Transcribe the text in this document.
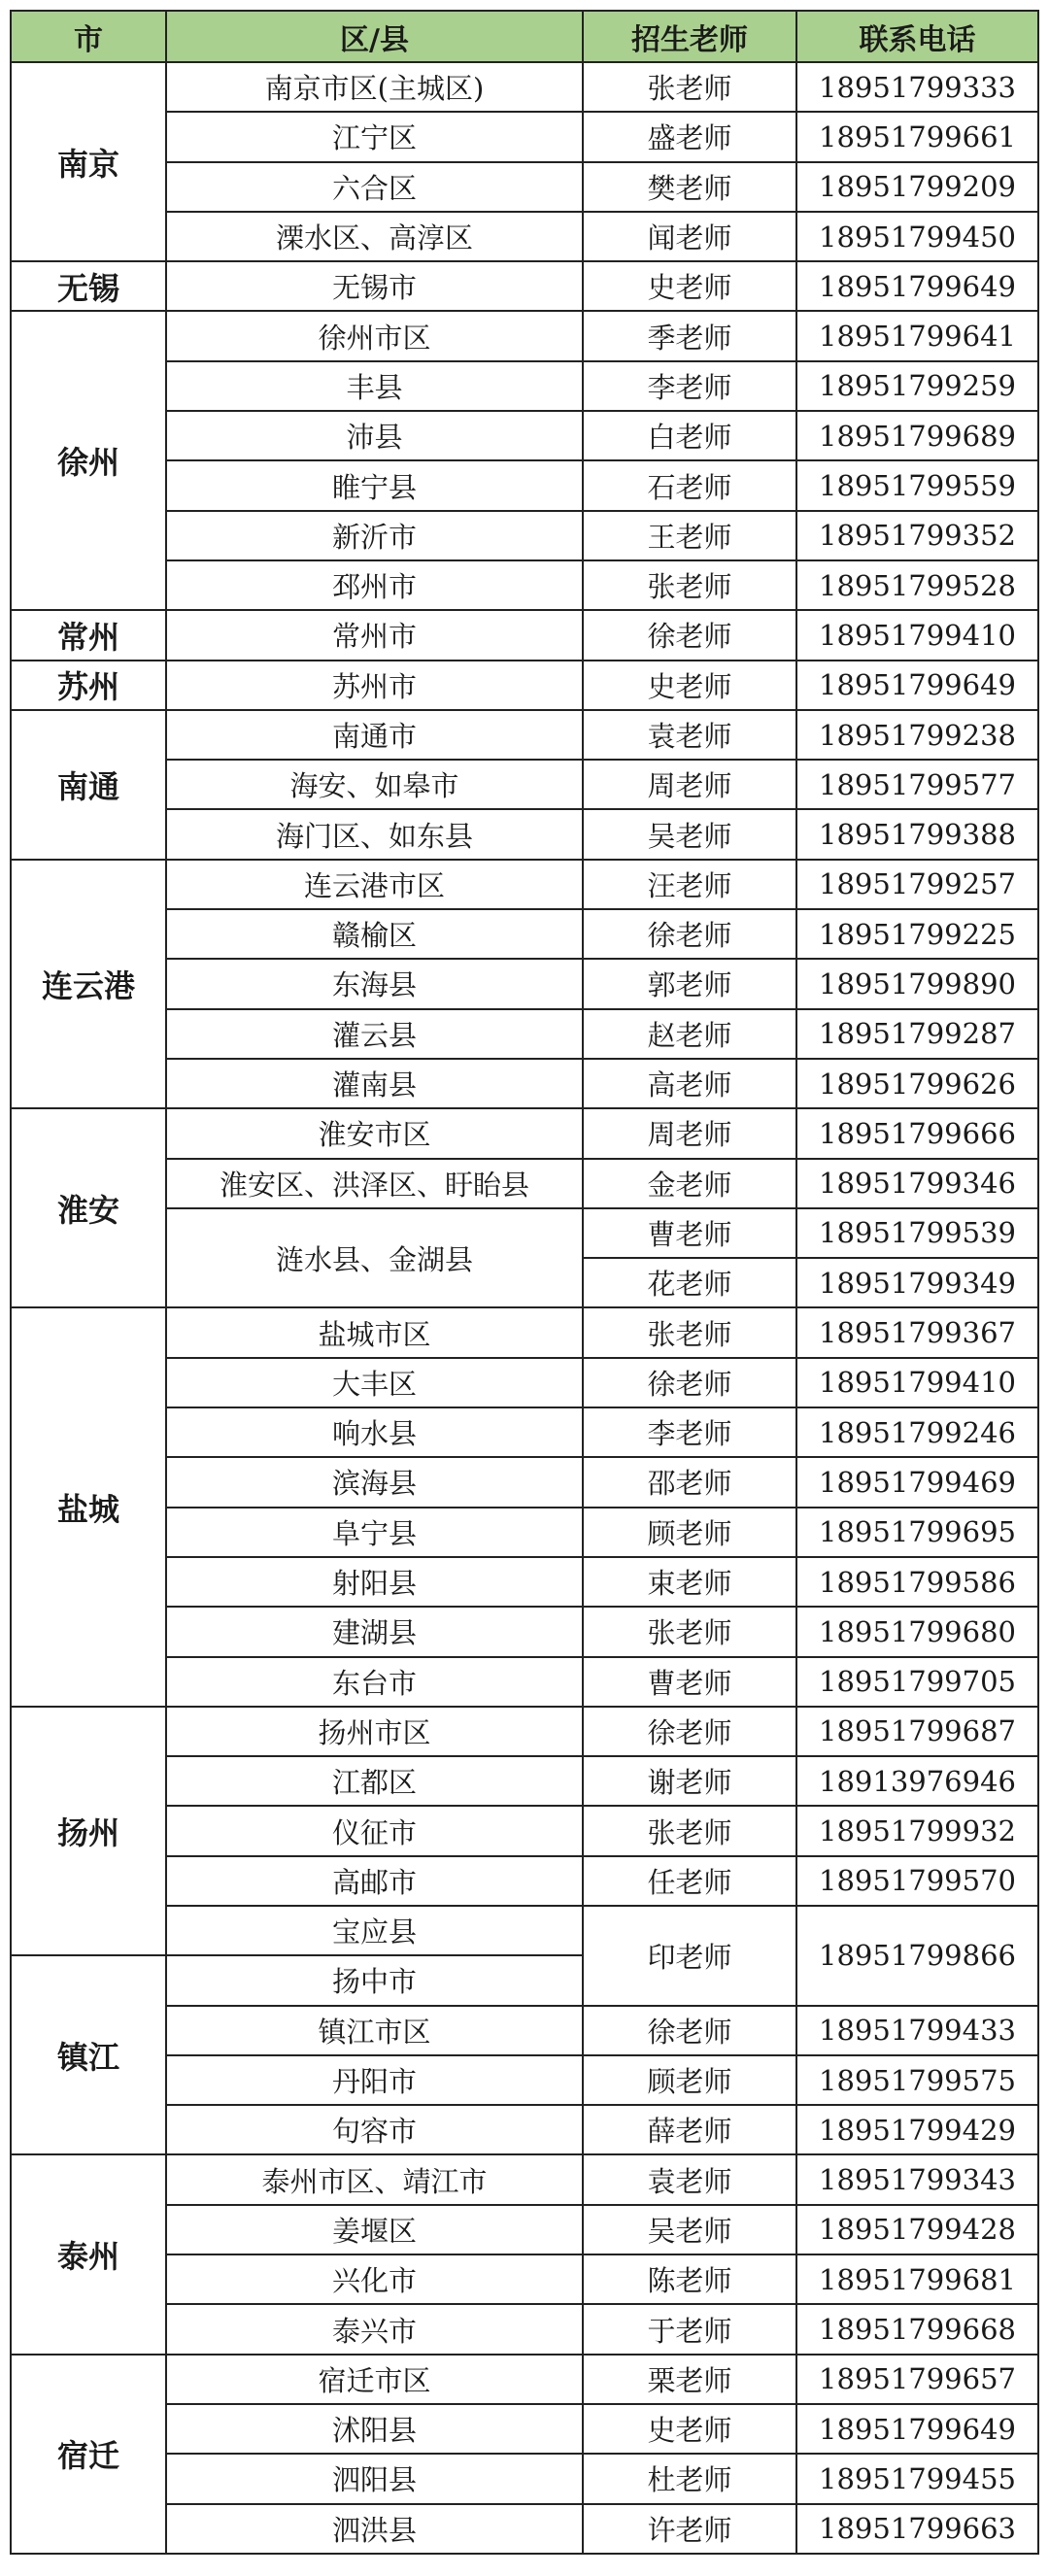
市	区/县	招生老师	联系电话
南京	南京市区(主城区)	张老师	18951799333
	江宁区	盛老师	18951799661
	六合区	樊老师	18951799209
	溧水区、高淳区	闻老师	18951799450
无锡	无锡市	史老师	18951799649
徐州	徐州市区	季老师	18951799641
	丰县	李老师	18951799259
	沛县	白老师	18951799689
	睢宁县	石老师	18951799559
	新沂市	王老师	18951799352
	邳州市	张老师	18951799528
常州	常州市	徐老师	18951799410
苏州	苏州市	史老师	18951799649
南通	南通市	袁老师	18951799238
	海安、如皋市	周老师	18951799577
	海门区、如东县	吴老师	18951799388
连云港	连云港市区	汪老师	18951799257
	赣榆区	徐老师	18951799225
	东海县	郭老师	18951799890
	灌云县	赵老师	18951799287
	灌南县	高老师	18951799626
淮安	淮安市区	周老师	18951799666
	淮安区、洪泽区、盱眙县	金老师	18951799346
	涟水县、金湖县	曹老师	18951799539
		花老师	18951799349
盐城	盐城市区	张老师	18951799367
	大丰区	徐老师	18951799410
	响水县	李老师	18951799246
	滨海县	邵老师	18951799469
	阜宁县	顾老师	18951799695
	射阳县	束老师	18951799586
	建湖县	张老师	18951799680
	东台市	曹老师	18951799705
扬州	扬州市区	徐老师	18951799687
	江都区	谢老师	18913976946
	仪征市	张老师	18951799932
	高邮市	任老师	18951799570
	宝应县	印老师	18951799866
镇江	扬中市		
	镇江市区	徐老师	18951799433
	丹阳市	顾老师	18951799575
	句容市	薛老师	18951799429
泰州	泰州市区、靖江市	袁老师	18951799343
	姜堰区	吴老师	18951799428
	兴化市	陈老师	18951799681
	泰兴市	于老师	18951799668
宿迁	宿迁市区	栗老师	18951799657
	沭阳县	史老师	18951799649
	泗阳县	杜老师	18951799455
	泗洪县	许老师	18951799663
